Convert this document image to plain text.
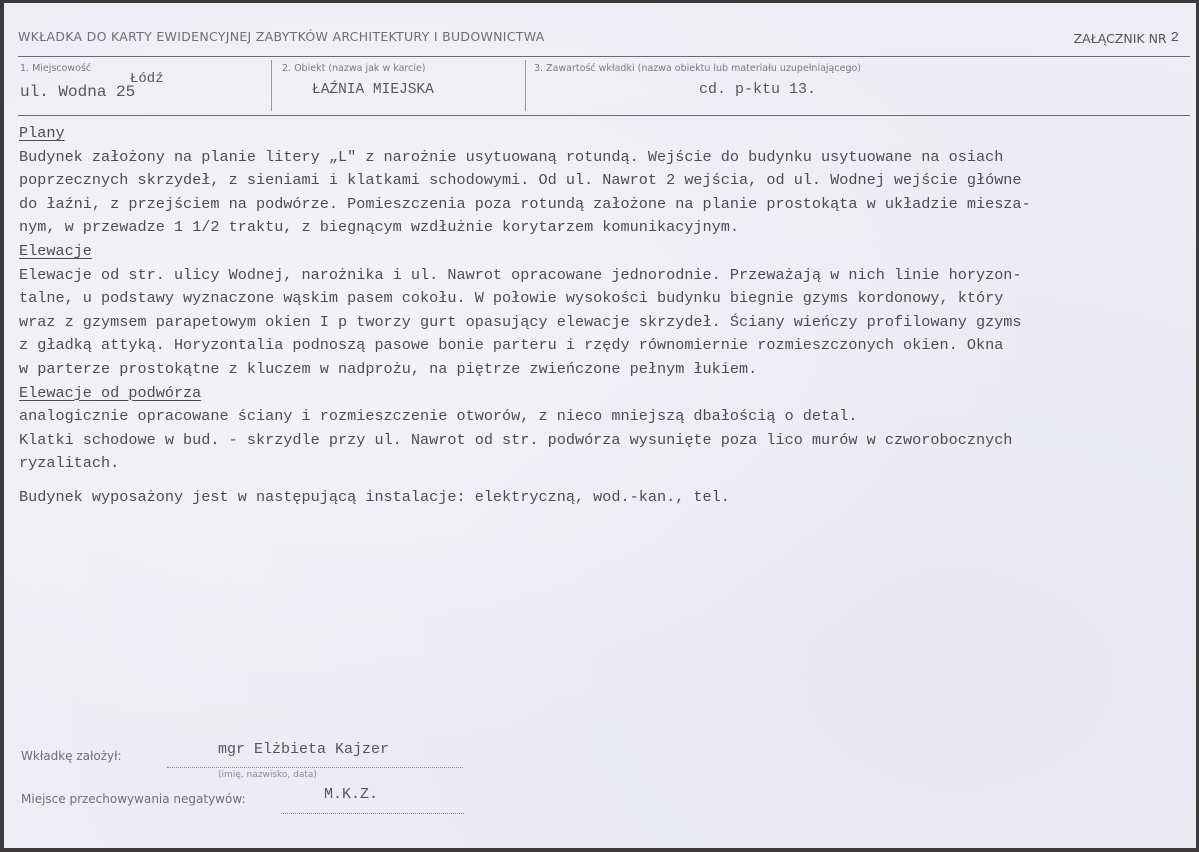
WKŁADKA DO KARTY EWIDENCYJNEJ ZABYTKÓW ARCHITEKTURY I BUDOWNICTWA	ZAŁĄCZNIK NR 2
1. Miejscowość
Łódź
ul. Wodna 25
2. Obiekt (nazwa jak w karcie)
ŁAŹNIA MIEJSKA
3. Zawartość wkładki (nazwa obiektu lub materiału uzupełniającego)
cd. p-ktu 13.
Plany
Budynek założony na planie litery „L" z narożnie usytuowaną rotundą. Wejście do budynku usytuowane na osiach
poprzecznych skrzydeł, z sieniami i klatkami schodowymi. Od ul. Nawrot 2 wejścia, od ul. Wodnej wejście główne
do łaźni, z przejściem na podwórze. Pomieszczenia poza rotundą założone na planie prostokąta w układzie miesza-
nym, w przewadze 1 1/2 traktu, z biegnącym wzdłużnie korytarzem komunikacyjnym.
Elewacje
Elewacje od str. ulicy Wodnej, narożnika i ul. Nawrot opracowane jednorodnie. Przeważają w nich linie horyzon-
talne, u podstawy wyznaczone wąskim pasem cokołu. W połowie wysokości budynku biegnie gzyms kordonowy, który
wraz z gzymsem parapetowym okien I p tworzy gurt opasujący elewacje skrzydeł. Ściany wieńczy profilowany gzyms
z gładką attyką. Horyzontalia podnoszą pasowe bonie parteru i rzędy równomiernie rozmieszczonych okien. Okna
w parterze prostokątne z kluczem w nadprożu, na piętrze zwieńczone pełnym łukiem.
Elewacje od podwórza
analogicznie opracowane ściany i rozmieszczenie otworów, z nieco mniejszą dbałością o detal.
Klatki schodowe w bud. - skrzydle przy ul. Nawrot od str. podwórza wysunięte poza lico murów w czworobocznych
ryzalitach.
Budynek wyposażony jest w następującą instalacje: elektryczną, wod.-kan., tel.
Wkładkę założył:	mgr Elżbieta Kajzer
(imię, nazwisko, data)
Miejsce przechowywania negatywów:	M.K.Z.
